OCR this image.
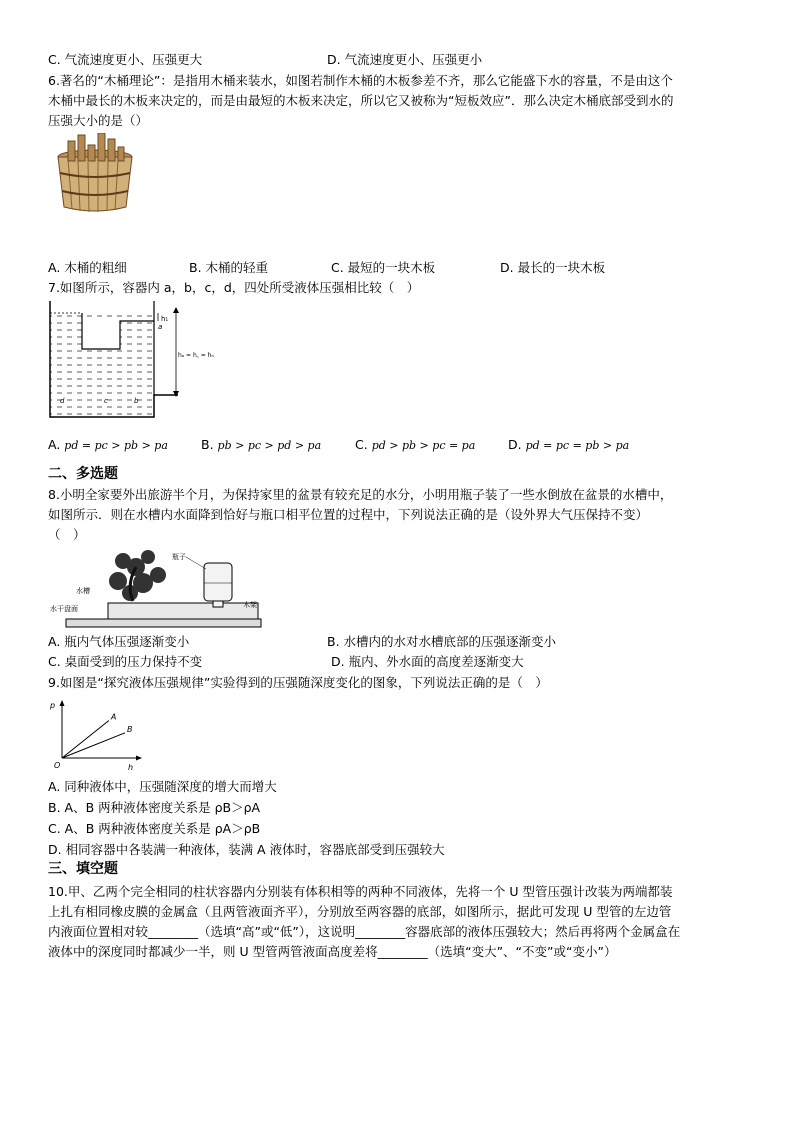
C. 气流速度更小、压强更大	D. 气流速度更小、压强更小
6.著名的“木桶理论”：是指用木桶来装水，如图若制作木桶的木板参差不齐，那么它能盛下水的容量，不是由这个
木桶中最长的木板来决定的，而是由最短的木板来决定，所以它又被称为“短板效应”．那么决定木桶底部受到水的
压强大小的是（）
A. 木桶的粗细	B. 木桶的轻重	C. 最短的一块木板	D. 最长的一块木板
7.如图所示，容器内 a，b，c，d，四处所受液体压强相比较（　）
h₁
hₐ = h꜀ = hₙ
d	c	b
a
A. pd = pc > pb > pa	B. pb > pc > pd > pa	C. pd > pb > pc = pa	D. pd = pc = pb > pa
二、多选题
8.小明全家要外出旅游半个月，为保持家里的盆景有较充足的水分，小明用瓶子装了一些水倒放在盆景的水槽中，
如图所示．则在水槽内水面降到恰好与瓶口相平位置的过程中，下列说法正确的是（设外界大气压保持不变）
（　）
瓶子
水槽
水干盘面	木架
A. 瓶内气体压强逐渐变小	B. 水槽内的水对水槽底部的压强逐渐变小
C. 桌面受到的压力保持不变	D. 瓶内、外水面的高度差逐渐变大
9.如图是“探究液体压强规律”实验得到的压强随深度变化的图象，下列说法正确的是（　）
p
h
O
A
B
A. 同种液体中，压强随深度的增大而增大
B. A、B 两种液体密度关系是 ρB＞ρA
C. A、B 两种液体密度关系是 ρA＞ρB
D. 相同容器中各装满一种液体，装满 A 液体时，容器底部受到压强较大
三、填空题
10.甲、乙两个完全相同的柱状容器内分别装有体积相等的两种不同液体，先将一个 U 型管压强计改装为两端都装
上扎有相同橡皮膜的金属盒（且两管液面齐平），分别放至两容器的底部，如图所示，据此可发现 U 型管的左边管
内液面位置相对较________（选填“高”或“低”），这说明________容器底部的液体压强较大；然后再将两个金属盒在
液体中的深度同时都减少一半，则 U 型管两管液面高度差将________（选填“变大”、“不变”或“变小”）
